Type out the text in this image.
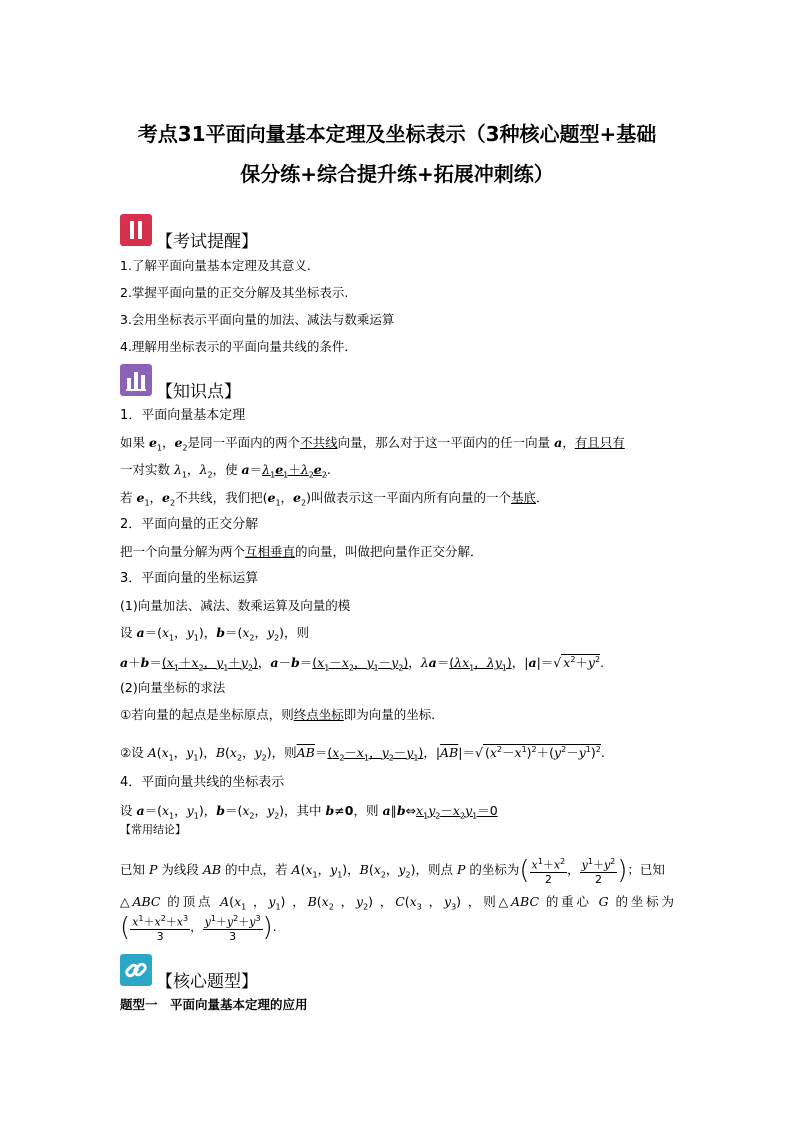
考点31平面向量基本定理及坐标表示（3种核心题型+基础
保分练+综合提升练+拓展冲刺练）
【考试提醒】
1.了解平面向量基本定理及其意义.
2.掌握平面向量的正交分解及其坐标表示.
3.会用坐标表示平面向量的加法、减法与数乘运算
4.理解用坐标表示的平面向量共线的条件．
【知识点】
1．平面向量基本定理
如果 $e_1$，$e_2$是同一平面内的两个不共线向量，那么对于这一平面内的任一向量 a，有且只有
一对实数 $\lambda_1$，$\lambda_2$，使 $a=\lambda_1e_1+\lambda_2e_2$.
若 $e_1$，$e_2$不共线，我们把($e_1$，$e_2$)叫做表示这一平面内所有向量的一个基底．
2．平面向量的正交分解
把一个向量分解为两个互相垂直的向量，叫做把向量作正交分解．
3．平面向量的坐标运算
(1)向量加法、减法、数乘运算及向量的模
设 $a=(x_1$，$y_1$)，$b=(x_2$，$y_2$)，则
$a+b=(x_1+x_2$，$y_1+y_2$)，$a-b=(x_1-x_2$，$y_1-y_2$)，$\lambda a=(\lambda x_1$，$\lambda y_1$)，|a|＝√ $x^2+y^2$.
(2)向量坐标的求法
①若向量的起点是坐标原点，则终点坐标即为向量的坐标．
②设 $A(x_1$，$y_1$)，$B(x_2$，$y_2$)，则$\overline{AB}=(x_2-x_1$，$y_2-y_1$)，$|\overline{AB}|=√$ $(x^2-x^1)^2+(y^2-y^1)^2$.
4．平面向量共线的坐标表示
设 $a=(x_1$，$y_1$)，$b=(x_2$，$y_2$)，其中 b≠0，则 $a\parallel b\Leftrightarrow x_1y_2-x_2y_1=0$
【常用结论】
已知 P 为线段 AB 的中点，若 $A(x_1$，$y_1$)，$B(x_2$，$y_2$)，则点 P 的坐标为( $\frac{x^1+x^2}{2}$ ， $\frac{y^1+y^2}{2}$ )；已知
△ABC 的顶点 $A(x_1$ ，$y_1$) ，$B(x_2$ ，$y_2$) ，$C(x_3$ ，$y_3$) ，则△ABC 的重心 G 的坐标为
( $\frac{x^1+x^2+x^3}{3}$ ， $\frac{y^1+y^2+y^3}{3}$ ).
【核心题型】
题型一　平面向量基本定理的应用
